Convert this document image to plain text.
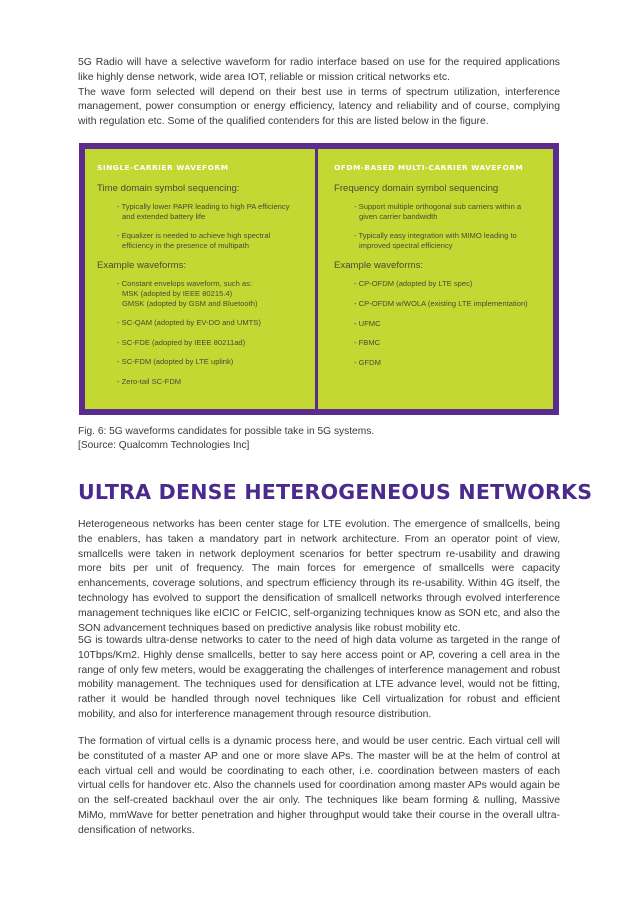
5G Radio will have a selective waveform for radio interface based on use for the required applications like highly dense network, wide area IOT, reliable or mission critical networks etc.
The wave form selected will depend on their best use in terms of spectrum utilization, interference management, power consumption or energy efficiency, latency and reliability and of course, complying with regulation etc. Some of the qualified contenders for this are listed below in the figure.

SINGLE-CARRIER WAVEFORM
Time domain symbol sequencing:
- Typically lower PAPR leading to high PA efficiency
and extended battery life
- Equalizer is needed to achieve high spectral
efficiency in the presence of multipath
Example waveforms:
- Constant envelops waveform, such as:
MSK (adopted by IEEE 80215.4)
GMSK (adopted by GSM and Bluetooth)
- SC-QAM (adopted by EV-DO and UMTS)
- SC-FDE (adopted by IEEE 80211ad)
- SC-FDM (adopted by LTE uplink)
- Zero-tail SC-FDM
OFDM-BASED MULTI-CARRIER WAVEFORM
Frequency domain symbol sequencing
- Support multiple orthogonal sub carriers within a
given carrier bandwidth
- Typically easy integration with MIMO leading to
improved spectral efficiency
Example waveforms:
- CP-OFDM (adopted by LTE spec)
- CP-OFDM w/WOLA (existing LTE implementation)
- UFMC
- FBMC
- GFDM
Fig. 6: 5G waveforms candidates for possible take in 5G systems.
[Source: Qualcomm Technologies Inc]
ULTRA DENSE HETEROGENEOUS NETWORKS

Heterogeneous networks has been center stage for LTE evolution. The emergence of smallcells, being the enablers, has taken a mandatory part in network architecture. From an operator point of view, smallcells were taken in network deployment scenarios for better spectrum re-usability and drawing more bits per unit of frequency. The main forces for emergence of smallcells were capacity enhancements, coverage solutions, and spectrum efficiency through its re-usability. Within 4G itself, the technology has evolved to support the densification of smallcell networks through evolved interference management techniques like eICIC or FeICIC, self-organizing techniques know as SON etc, and also the SON advancement techniques based on predictive analysis like robust mobility etc.

5G is towards ultra-dense networks to cater to the need of high data volume as targeted in the range of 10Tbps/Km2. Highly dense smallcells, better to say here access point or AP, covering a cell area in the range of only few meters, would be exaggerating the challenges of interference management and robust mobility management. The techniques used for densification at LTE advance level, would not be fitting, rather it would be handled through novel techniques like Cell virtualization for robust and efficient mobility, and also for interference management through resource distribution.

The formation of virtual cells is a dynamic process here, and would be user centric. Each virtual cell will be constituted of a master AP and one or more slave APs. The master will be at the helm of control at each virtual cell and would be coordinating to each other, i.e. coordination between masters of each virtual cells for handover etc. Also the channels used for coordination among master APs would again be on the self-created backhaul over the air only. The techniques like beam forming & nulling, Massive MiMo, mmWave for better penetration and higher throughput would take their course in the overall ultra-densification of networks.
